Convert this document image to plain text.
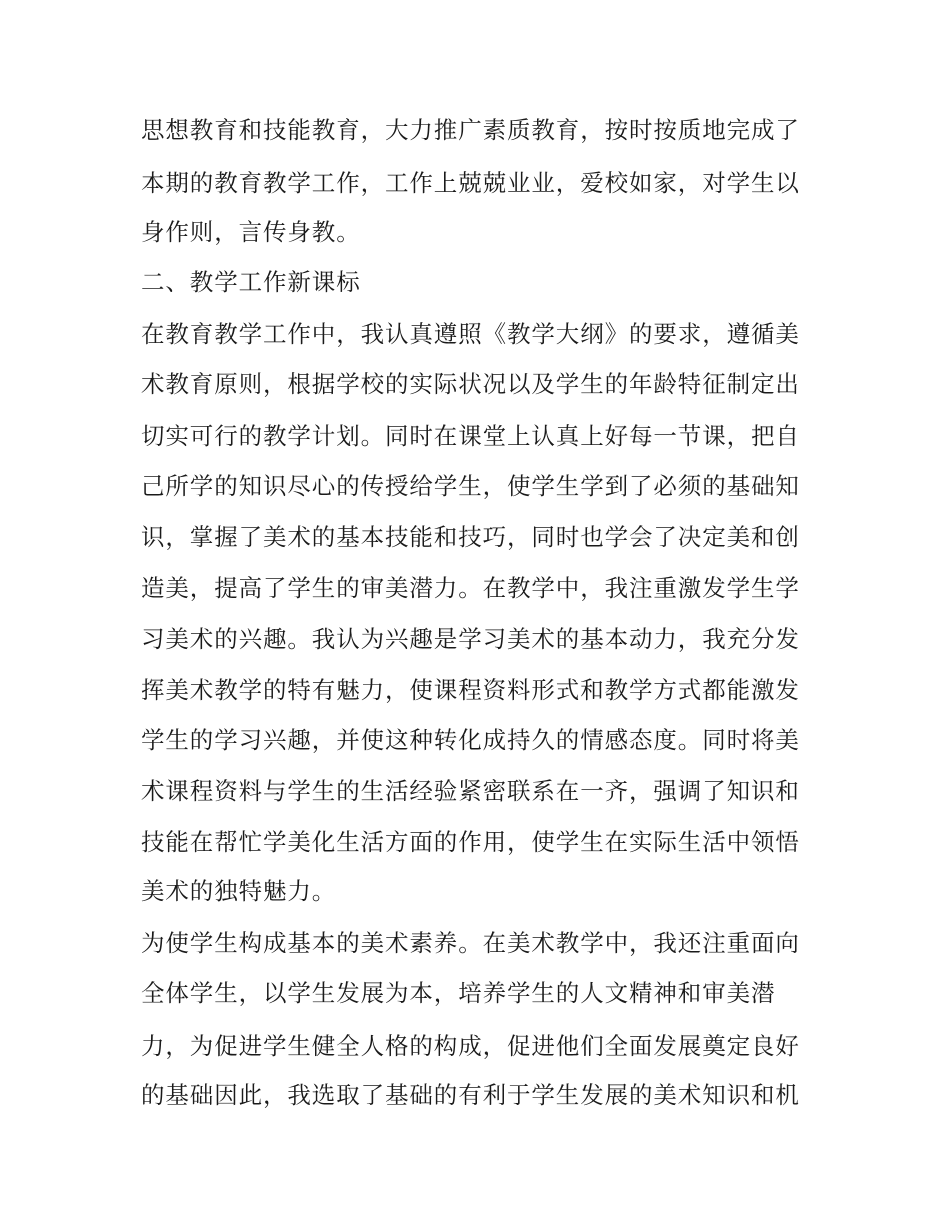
思想教育和技能教育，大力推广素质教育，按时按质地完成了
本期的教育教学工作，工作上兢兢业业，爱校如家，对学生以
身作则，言传身教。
二、教学工作新课标
在教育教学工作中，我认真遵照《教学大纲》的要求，遵循美
术教育原则，根据学校的实际状况以及学生的年龄特征制定出
切实可行的教学计划。同时在课堂上认真上好每一节课，把自
己所学的知识尽心的传授给学生，使学生学到了必须的基础知
识，掌握了美术的基本技能和技巧，同时也学会了决定美和创
造美，提高了学生的审美潜力。在教学中，我注重激发学生学
习美术的兴趣。我认为兴趣是学习美术的基本动力，我充分发
挥美术教学的特有魅力，使课程资料形式和教学方式都能激发
学生的学习兴趣，并使这种转化成持久的情感态度。同时将美
术课程资料与学生的生活经验紧密联系在一齐，强调了知识和
技能在帮忙学美化生活方面的作用，使学生在实际生活中领悟
美术的独特魅力。
为使学生构成基本的美术素养。在美术教学中，我还注重面向
全体学生，以学生发展为本，培养学生的人文精神和审美潜
力，为促进学生健全人格的构成，促进他们全面发展奠定良好
的基础因此，我选取了基础的有利于学生发展的美术知识和机
